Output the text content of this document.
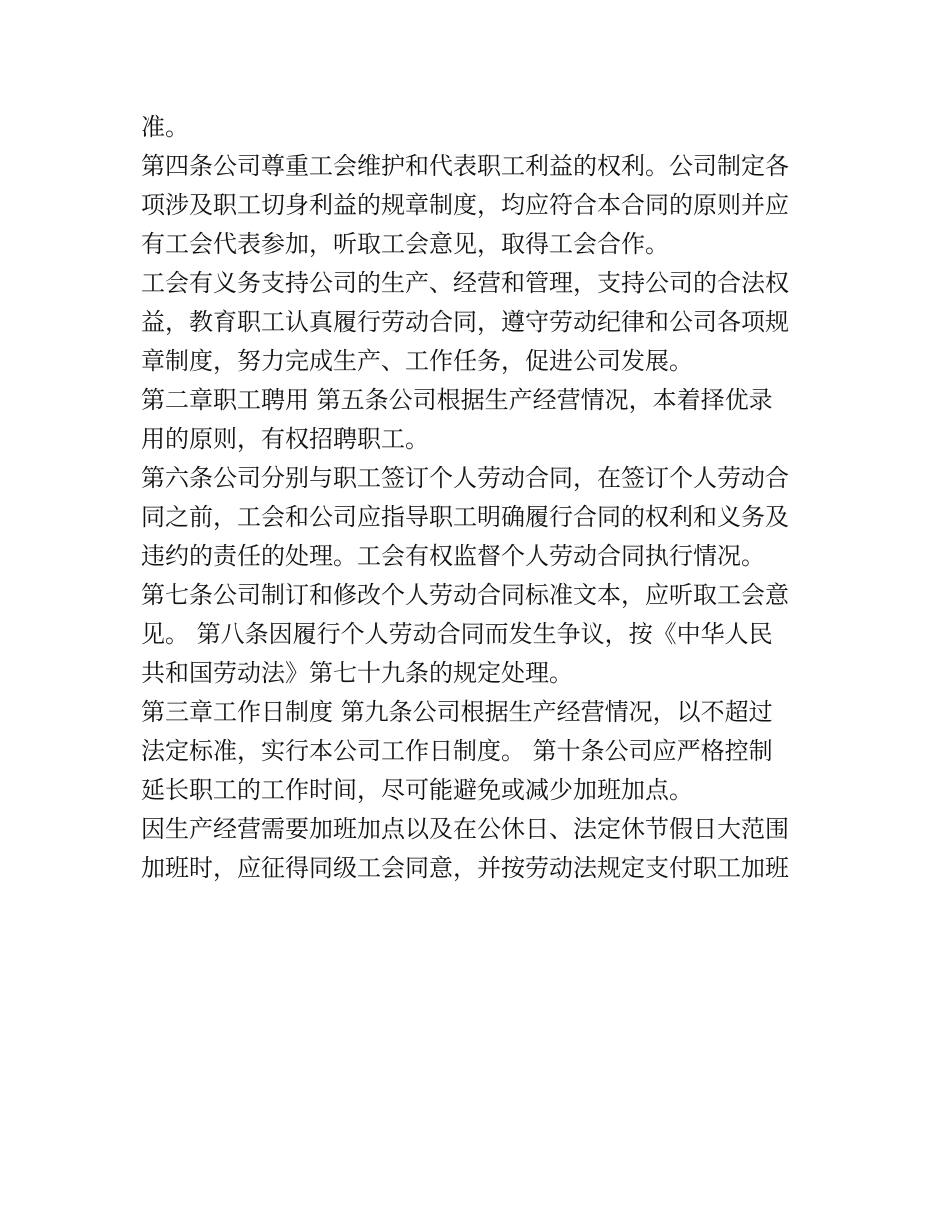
准。

第四条公司尊重工会维护和代表职工利益的权利。公司制定各

项涉及职工切身利益的规章制度，均应符合本合同的原则并应

有工会代表参加，听取工会意见，取得工会合作。

工会有义务支持公司的生产、经营和管理，支持公司的合法权

益，教育职工认真履行劳动合同，遵守劳动纪律和公司各项规

章制度，努力完成生产、工作任务，促进公司发展。

第二章职工聘用 第五条公司根据生产经营情况，本着择优录

用的原则，有权招聘职工。

第六条公司分别与职工签订个人劳动合同，在签订个人劳动合

同之前，工会和公司应指导职工明确履行合同的权利和义务及

违约的责任的处理。工会有权监督个人劳动合同执行情况。

第七条公司制订和修改个人劳动合同标准文本，应听取工会意

见。 第八条因履行个人劳动合同而发生争议，按《中华人民

共和国劳动法》第七十九条的规定处理。

第三章工作日制度 第九条公司根据生产经营情况，以不超过

法定标准，实行本公司工作日制度。 第十条公司应严格控制

延长职工的工作时间，尽可能避免或减少加班加点。

因生产经营需要加班加点以及在公休日、法定休节假日大范围

加班时，应征得同级工会同意，并按劳动法规定支付职工加班
